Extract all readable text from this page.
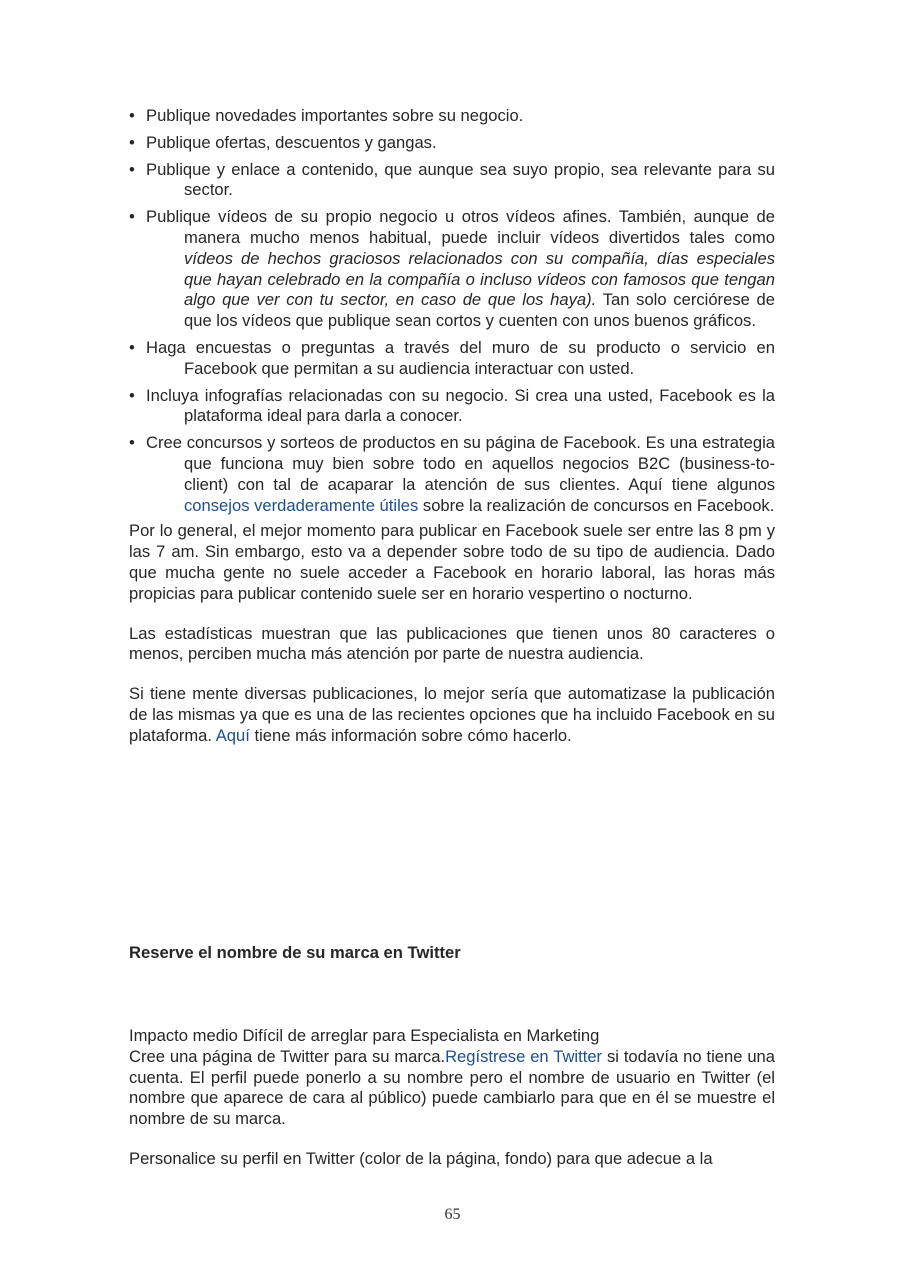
• Publique novedades importantes sobre su negocio.
• Publique ofertas, descuentos y gangas.
• Publique y enlace a contenido, que aunque sea suyo propio, sea relevante para su sector.
• Publique vídeos de su propio negocio u otros vídeos afines. También, aunque de manera mucho menos habitual, puede incluir vídeos divertidos tales como vídeos de hechos graciosos relacionados con su compañía, días especiales que hayan celebrado en la compañía o incluso vídeos con famosos que tengan algo que ver con tu sector, en caso de que los haya). Tan solo cerciórese de que los vídeos que publique sean cortos y cuenten con unos buenos gráficos.
• Haga encuestas o preguntas a través del muro de su producto o servicio en Facebook que permitan a su audiencia interactuar con usted.
• Incluya infografías relacionadas con su negocio. Si crea una usted, Facebook es la plataforma ideal para darla a conocer.
• Cree concursos y sorteos de productos en su página de Facebook. Es una estrategia que funciona muy bien sobre todo en aquellos negocios B2C (business-to-client) con tal de acaparar la atención de sus clientes. Aquí tiene algunos consejos verdaderamente útiles sobre la realización de concursos en Facebook.

Por lo general, el mejor momento para publicar en Facebook suele ser entre las 8 pm y las 7 am. Sin embargo, esto va a depender sobre todo de su tipo de audiencia. Dado que mucha gente no suele acceder a Facebook en horario laboral, las horas más propicias para publicar contenido suele ser en horario vespertino o nocturno.

Las estadísticas muestran que las publicaciones que tienen unos 80 caracteres o menos, perciben mucha más atención por parte de nuestra audiencia.

Si tiene mente diversas publicaciones, lo mejor sería que automatizase la publicación de las mismas ya que es una de las recientes opciones que ha incluido Facebook en su plataforma. Aquí tiene más información sobre cómo hacerlo.

Reserve el nombre de su marca en Twitter

Impacto medio Difícil de arreglar para Especialista en Marketing

Cree una página de Twitter para su marca.Regístrese en Twitter si todavía no tiene una cuenta. El perfil puede ponerlo a su nombre pero el nombre de usuario en Twitter (el nombre que aparece de cara al público) puede cambiarlo para que en él se muestre el nombre de su marca.

Personalice su perfil en Twitter (color de la página, fondo) para que adecue a la

65
